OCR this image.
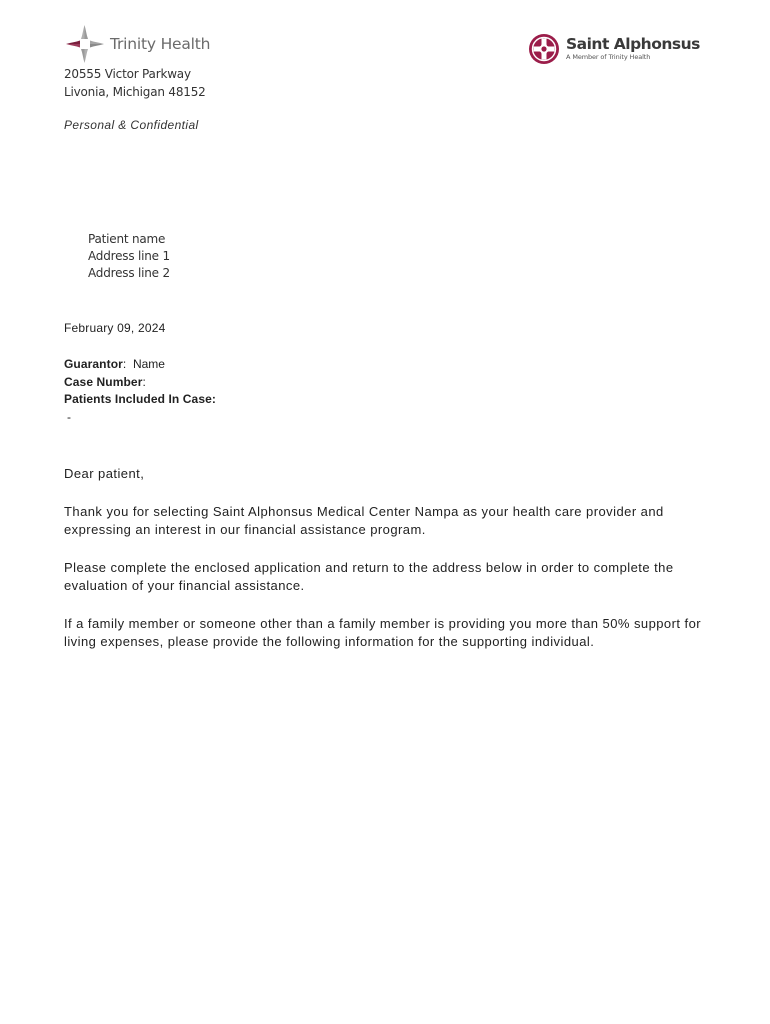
Trinity Health	Saint Alphonsus
A Member of Trinity Health
20555 Victor Parkway
Livonia, Michigan 48152
Personal & Confidential
Patient name
Address line 1
Address line 2
February 09, 2024
Guarantor:  Name
Case Number:
Patients Included In Case:
-

Dear patient,

Thank you for selecting Saint Alphonsus Medical Center Nampa as your health care provider and expressing an interest in our financial assistance program.

Please complete the enclosed application and return to the address below in order to complete the evaluation of your financial assistance.

If a family member or someone other than a family member is providing you more than 50% support for living expenses, please provide the following information for the supporting individual.
